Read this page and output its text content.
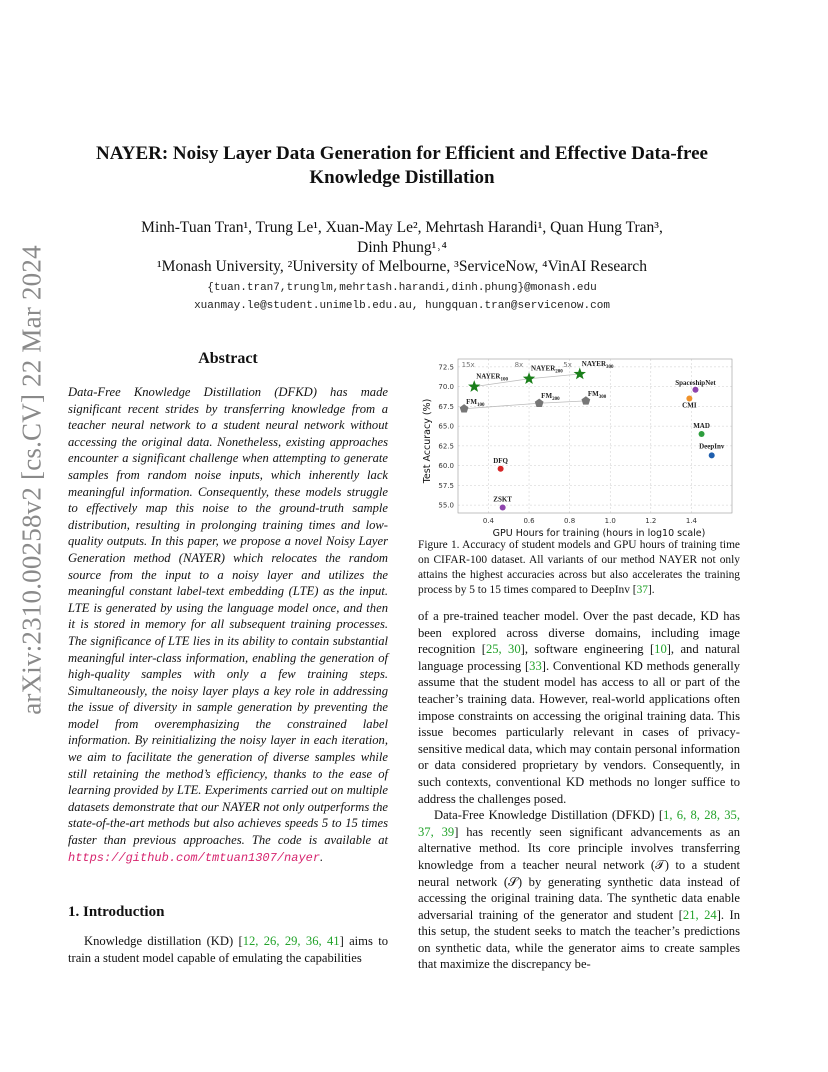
arXiv:2310.00258v2 [cs.CV] 22 Mar 2024
NAYER: Noisy Layer Data Generation for Efficient and Effective Data-free Knowledge Distillation
Minh-Tuan Tran¹, Trung Le¹, Xuan-May Le², Mehrtash Harandi¹, Quan Hung Tran³,
Dinh Phung¹˒⁴
¹Monash University, ²University of Melbourne, ³ServiceNow, ⁴VinAI Research
{tuan.tran7,trunglm,mehrtash.harandi,dinh.phung}@monash.edu
xuanmay.le@student.unimelb.edu.au, hungquan.tran@servicenow.com
Abstract
Data-Free Knowledge Distillation (DFKD) has made significant recent strides by transferring knowledge from a teacher neural network to a student neural network without accessing the original data. Nonetheless, existing approaches encounter a significant challenge when attempting to generate samples from random noise inputs, which inherently lack meaningful information. Consequently, these models struggle to effectively map this noise to the ground-truth sample distribution, resulting in prolonging training times and low-quality outputs. In this paper, we propose a novel Noisy Layer Generation method (NAYER) which relocates the random source from the input to a noisy layer and utilizes the meaningful constant label-text embedding (LTE) as the input. LTE is generated by using the language model once, and then it is stored in memory for all subsequent training processes. The significance of LTE lies in its ability to contain substantial meaningful inter-class information, enabling the generation of high-quality samples with only a few training steps. Simultaneously, the noisy layer plays a key role in addressing the issue of diversity in sample generation by preventing the model from overemphasizing the constrained label information. By reinitializing the noisy layer in each iteration, we aim to facilitate the generation of diverse samples while still retaining the method’s efficiency, thanks to the ease of learning provided by LTE. Experiments carried out on multiple datasets demonstrate that our NAYER not only outperforms the state-of-the-art methods but also achieves speeds 5 to 15 times faster than previous approaches. The code is available at https://github.com/tmtuan1307/nayer.
1. Introduction
Knowledge distillation (KD) [12, 26, 29, 36, 41] aims to train a student model capable of emulating the capabilities
55.0
57.5
60.0
62.5
65.0
67.5
70.0
72.5
0.4	0.6	0.8	1.0	1.2	1.4
15x	8x	5x
$NAYER_{100}$
$NAYER_{200}$
$NAYER_{300}$
$FM_{100}$
$FM_{200}$
$FM_{300}$
SpaceshipNet
CMI
MAD
DeepInv
DFQ
ZSKT
GPU Hours for training (hours in log10 scale)
Test Accuracy (%)
Figure 1. Accuracy of student models and GPU hours of training time on CIFAR-100 dataset. All variants of our method NAYER not only attains the highest accuracies across but also accelerates the training process by 5 to 15 times compared to DeepInv [37].

of a pre-trained teacher model. Over the past decade, KD has been explored across diverse domains, including image recognition [25, 30], software engineering [10], and natural language processing [33]. Conventional KD methods generally assume that the student model has access to all or part of the teacher’s training data. However, real-world applications often impose constraints on accessing the original training data. This issue becomes particularly relevant in cases of privacy-sensitive medical data, which may contain personal information or data considered proprietary by vendors. Consequently, in such contexts, conventional KD methods no longer suffice to address the challenges posed.

Data-Free Knowledge Distillation (DFKD) [1, 6, 8, 28, 35, 37, 39] has recently seen significant advancements as an alternative method. Its core principle involves transferring knowledge from a teacher neural network (𝒯) to a student neural network (𝒮) by generating synthetic data instead of accessing the original training data. The synthetic data enable adversarial training of the generator and student [21, 24]. In this setup, the student seeks to match the teacher’s predictions on synthetic data, while the generator aims to create samples that maximize the discrepancy be-
